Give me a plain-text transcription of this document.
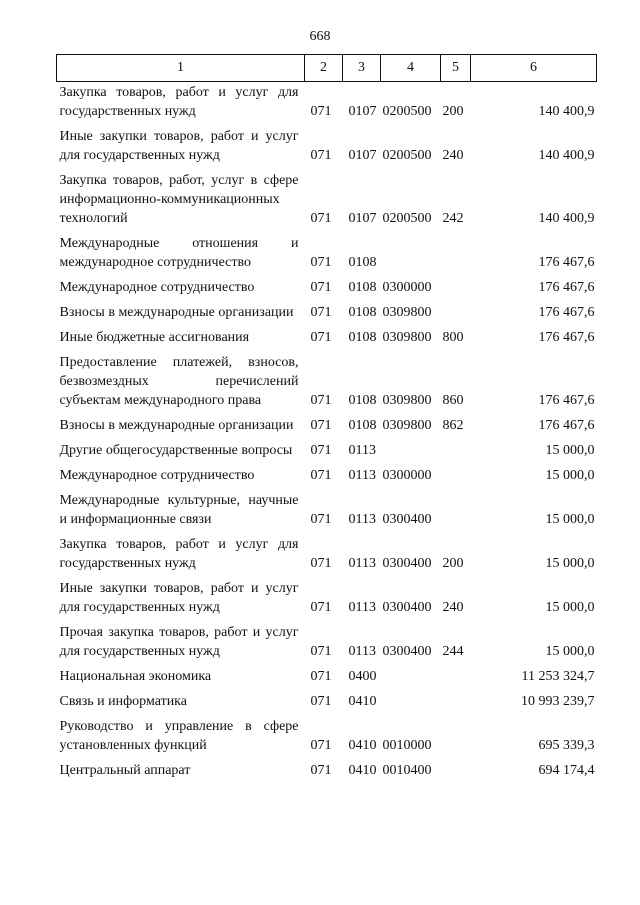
668
1	2	3	4	5	6
Закупка товаров, работ и услуг для государственных нужд	071	0107	0200500	200	140 400,9
Иные закупки товаров, работ и услуг для государственных нужд	071	0107	0200500	240	140 400,9
Закупка товаров, работ, услуг в сфере информационно-коммуникационных технологий	071	0107	0200500	242	140 400,9
Международные отношения и международное сотрудничество	071	0108			176 467,6
Международное сотрудничество	071	0108	0300000		176 467,6
Взносы в международные организации	071	0108	0309800		176 467,6
Иные бюджетные ассигнования	071	0108	0309800	800	176 467,6
Предоставление платежей, взносов, безвозмездных перечислений субъектам международного права	071	0108	0309800	860	176 467,6
Взносы в международные организации	071	0108	0309800	862	176 467,6
Другие общегосударственные вопросы	071	0113			15 000,0
Международное сотрудничество	071	0113	0300000		15 000,0
Международные культурные, научные и информационные связи	071	0113	0300400		15 000,0
Закупка товаров, работ и услуг для государственных нужд	071	0113	0300400	200	15 000,0
Иные закупки товаров, работ и услуг для государственных нужд	071	0113	0300400	240	15 000,0
Прочая закупка товаров, работ и услуг для государственных нужд	071	0113	0300400	244	15 000,0
Национальная экономика	071	0400			11 253 324,7
Связь и информатика	071	0410			10 993 239,7
Руководство и управление в сфере установленных функций	071	0410	0010000		695 339,3
Центральный аппарат	071	0410	0010400		694 174,4
